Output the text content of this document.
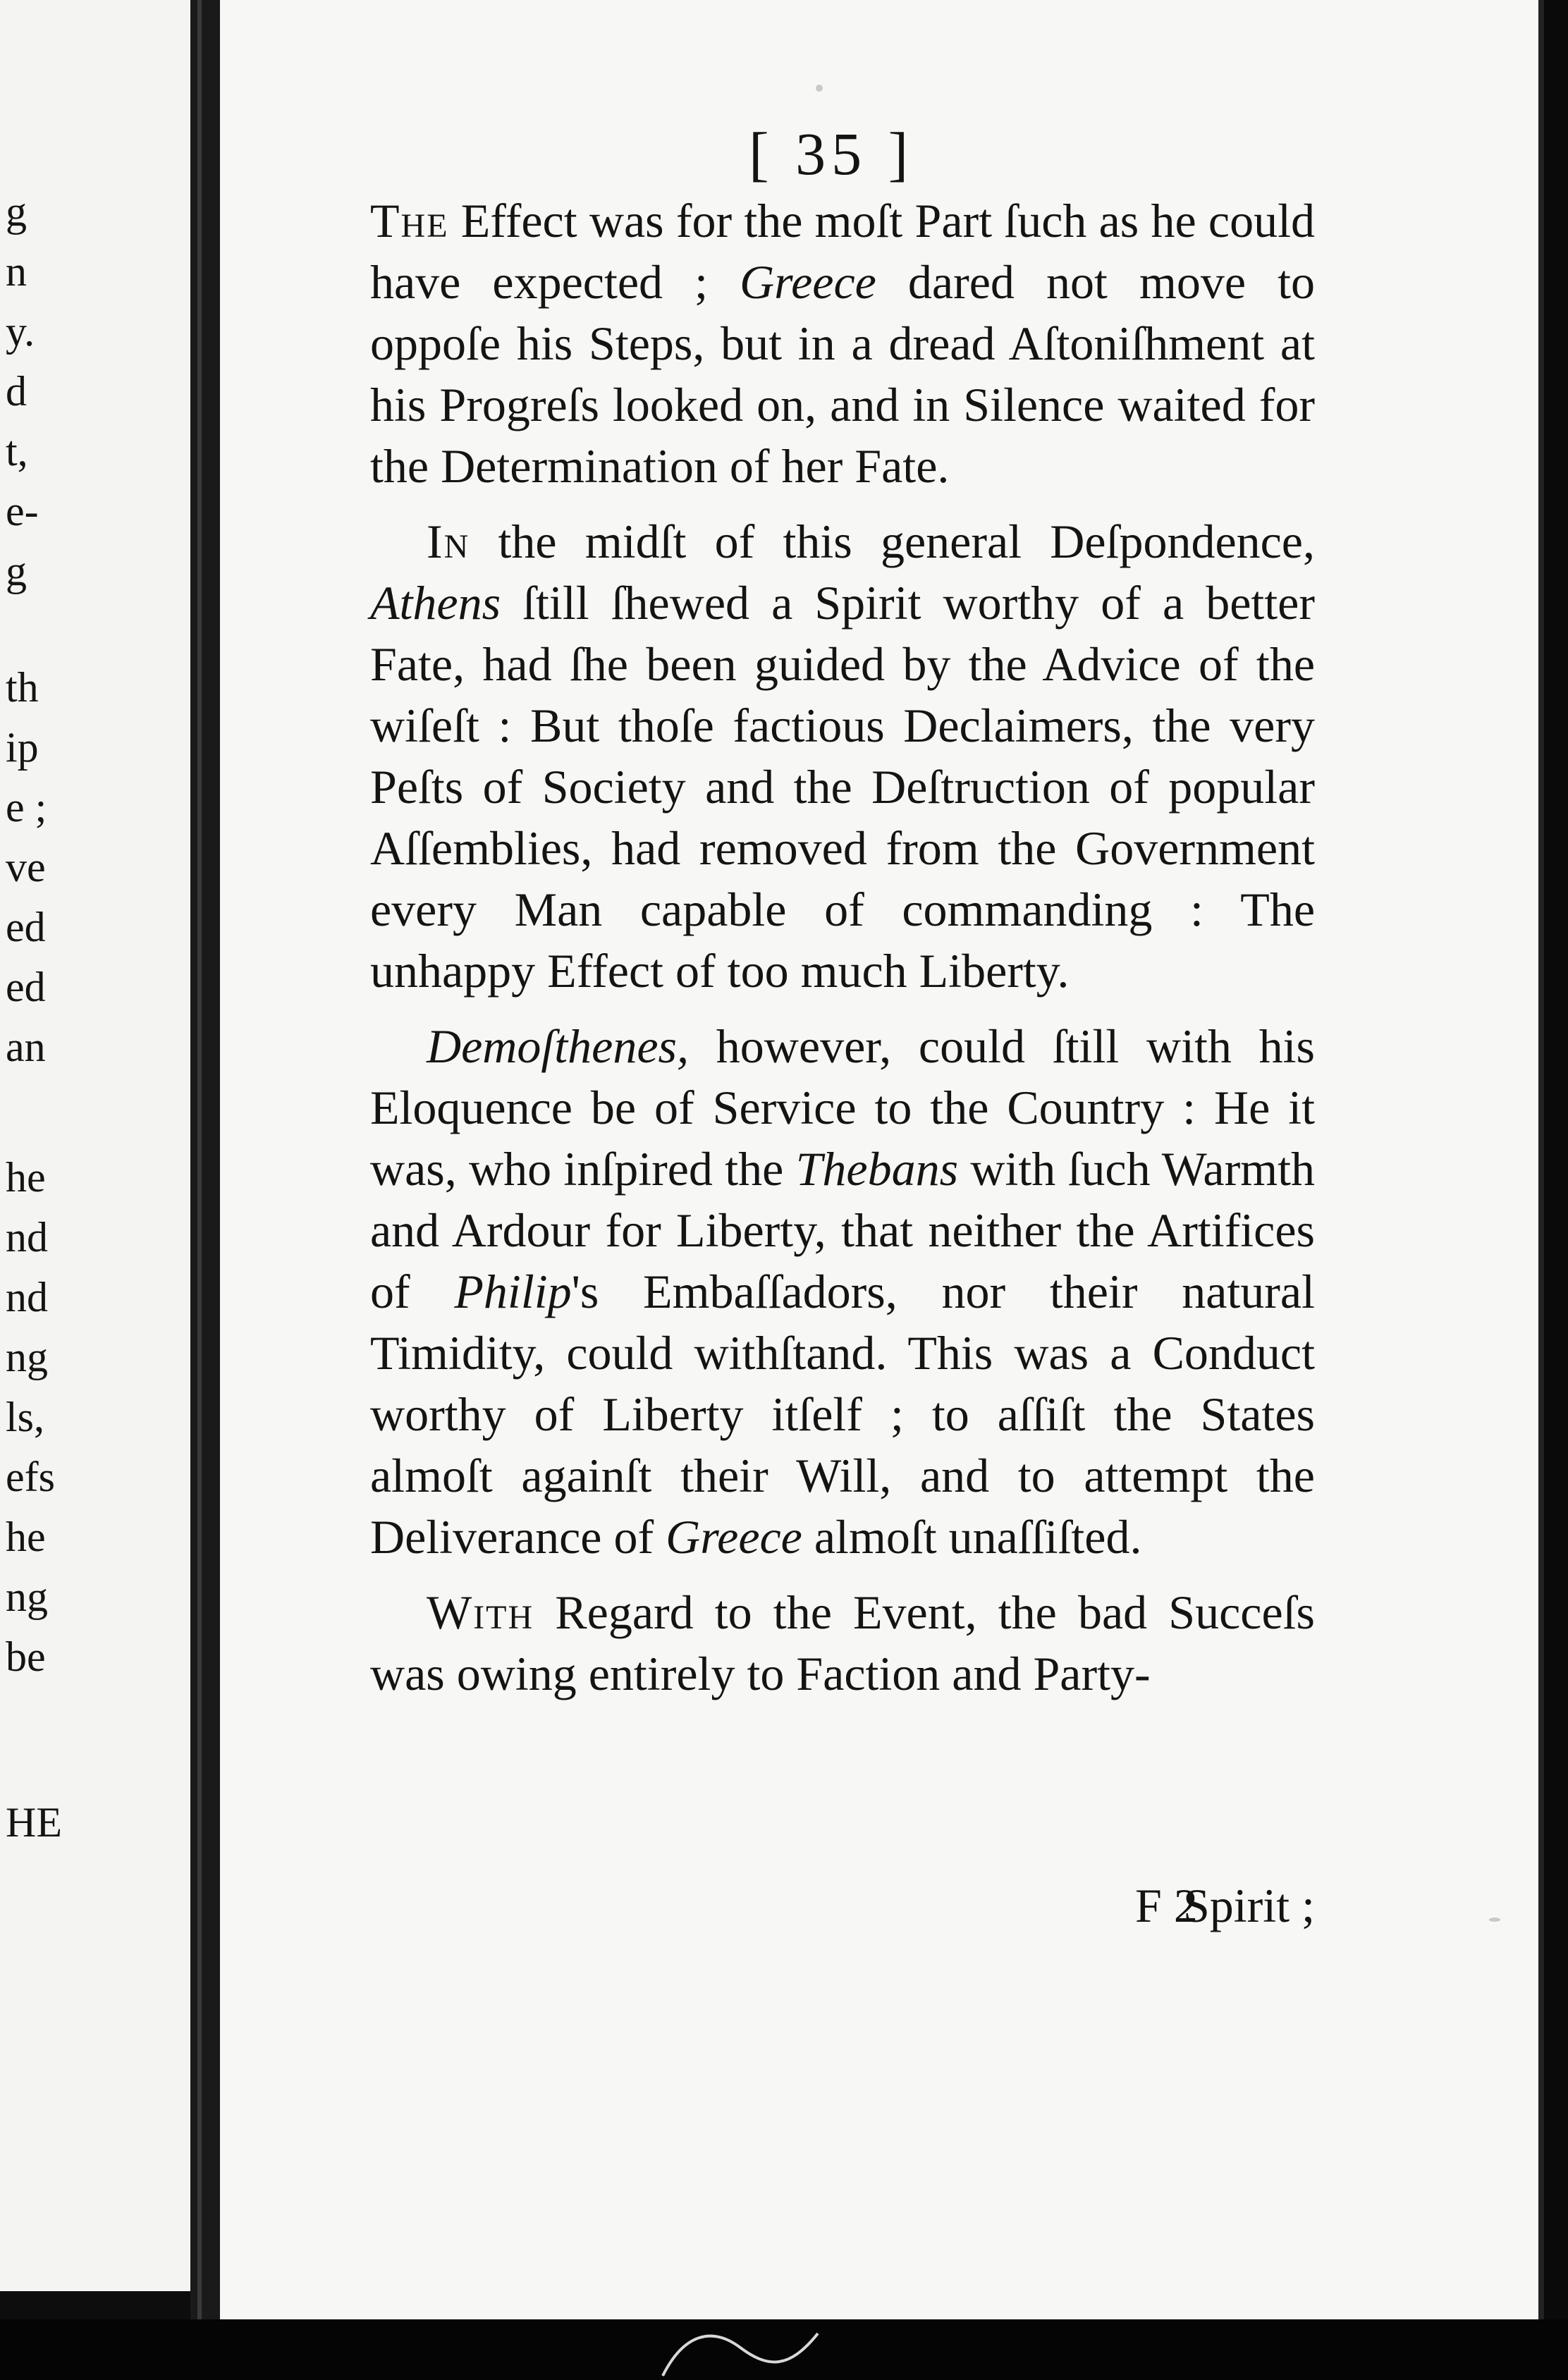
g
n
y.
d
t,
e-
g
th
ip
e ;
ve
ed
ed
an
he
nd
nd
ng
ls,
efs
he
ng
be
HE
[ 35 ]

The Effect was for the moſt Part ſuch as he could have expected ; Greece dared not move to oppoſe his Steps, but in a dread Aſtoniſhment at his Progreſs looked on, and in Silence waited for the Determination of her Fate.

In the midſt of this general Deſpondence, Athens ſtill ſhewed a Spirit worthy of a better Fate, had ſhe been guided by the Advice of the wiſeſt : But thoſe factious Declaimers, the very Peſts of Society and the Deſtruction of popular Aſſemblies, had removed from the Government every Man capable of commanding : The unhappy Effect of too much Liberty.

Demoſthenes, however, could ſtill with his Eloquence be of Service to the Country : He it was, who inſpired the Thebans with ſuch Warmth and Ardour for Liberty, that neither the Artifices of Philip's Embaſſadors, nor their natural Timidity, could withſtand. This was a Conduct worthy of Liberty itſelf ; to aſſiſt the States almoſt againſt their Will, and to attempt the Deliverance of Greece almoſt unaſſiſted.

With Regard to the Event, the bad Succeſs was owing entirely to Faction and Party-

F 2
Spirit ;
